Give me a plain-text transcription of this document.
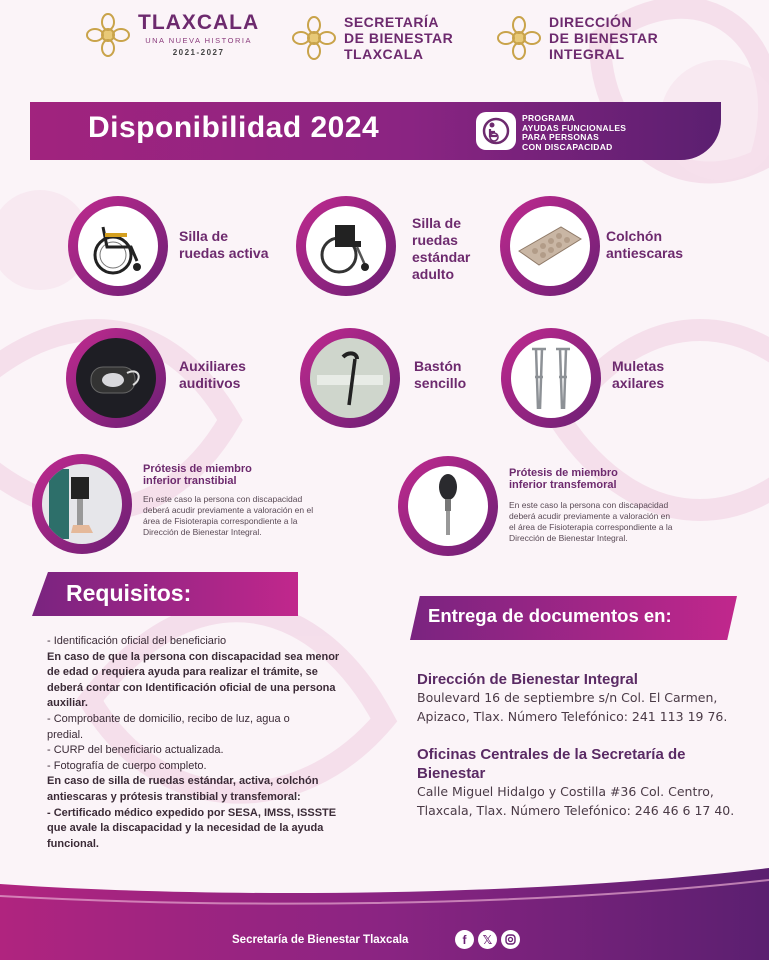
TLAXCALA
UNA NUEVA HISTORIA
2021-2027
SECRETARÍA
DE BIENESTAR
TLAXCALA
DIRECCIÓN
DE BIENESTAR
INTEGRAL
Disponibilidad 2024	PROGRAMA
AYUDAS FUNCIONALES
PARA PERSONAS
CON DISCAPACIDAD
Silla de
ruedas activa
Silla de
ruedas
estándar
adulto
Colchón
antiescaras
Auxiliares
auditivos
Bastón
sencillo
Muletas
axilares
Prótesis de miembro
inferior transtibial
En este caso la persona con discapacidad
deberá acudir previamente a valoración en el
área de Fisioterapia correspondiente a la
Dirección de Bienestar Integral.
Prótesis de miembro
inferior transfemoral
En este caso la persona con discapacidad
deberá acudir previamente a valoración en
el área de Fisioterapia correspondiente a la
Dirección de Bienestar Integral.
Requisitos:
- Identificación oficial del beneficiario
En caso de que la persona con discapacidad sea menor
de edad o requiera ayuda para realizar el trámite, se
deberá contar con Identificación oficial de una persona
auxiliar.
- Comprobante de domicilio, recibo de luz, agua o
predial.
- CURP del beneficiario actualizada.
- Fotografía de cuerpo completo.
En caso de silla de ruedas estándar, activa, colchón
antiescaras y prótesis transtibial y transfemoral:
- Certificado médico expedido por SESA, IMSS, ISSSTE
que avale la discapacidad y la necesidad de la ayuda
funcional.
Entrega de documentos en:
Dirección de Bienestar Integral
Boulevard 16 de septiembre s/n Col. El Carmen,
Apizaco, Tlax. Número Telefónico: 241 113 19 76.
Oficinas Centrales de la Secretaría de
Bienestar
Calle Miguel Hidalgo y Costilla #36 Col. Centro,
Tlaxcala, Tlax. Número Telefónico: 246 46 6 17 40.
Secretaría de Bienestar Tlaxcala	f	𝕏
